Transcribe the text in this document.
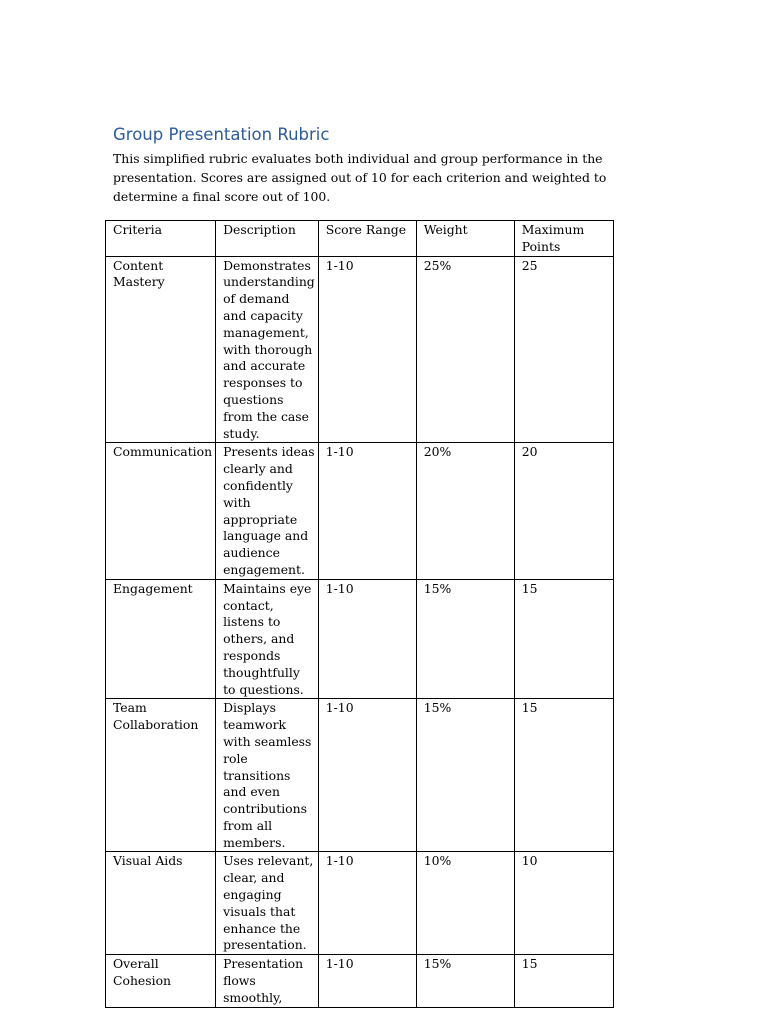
Group Presentation Rubric

This simplified rubric evaluates both individual and group performance in the presentation. Scores are assigned out of 10 for each criterion and weighted to determine a final score out of 100.

Criteria	Description	Score Range	Weight	Maximum Points
Content Mastery	Demonstrates understanding of demand and capacity management, with thorough and accurate responses to questions from the case study.	1-10	25%	25
Communication	Presents ideas clearly and confidently with appropriate language and audience engagement.	1-10	20%	20
Engagement	Maintains eye contact, listens to others, and responds thoughtfully to questions.	1-10	15%	15
Team Collaboration	Displays teamwork with seamless role transitions and even contributions from all members.	1-10	15%	15
Visual Aids	Uses relevant, clear, and engaging visuals that enhance the presentation.	1-10	10%	10
Overall Cohesion	Presentation flows smoothly,	1-10	15%	15
